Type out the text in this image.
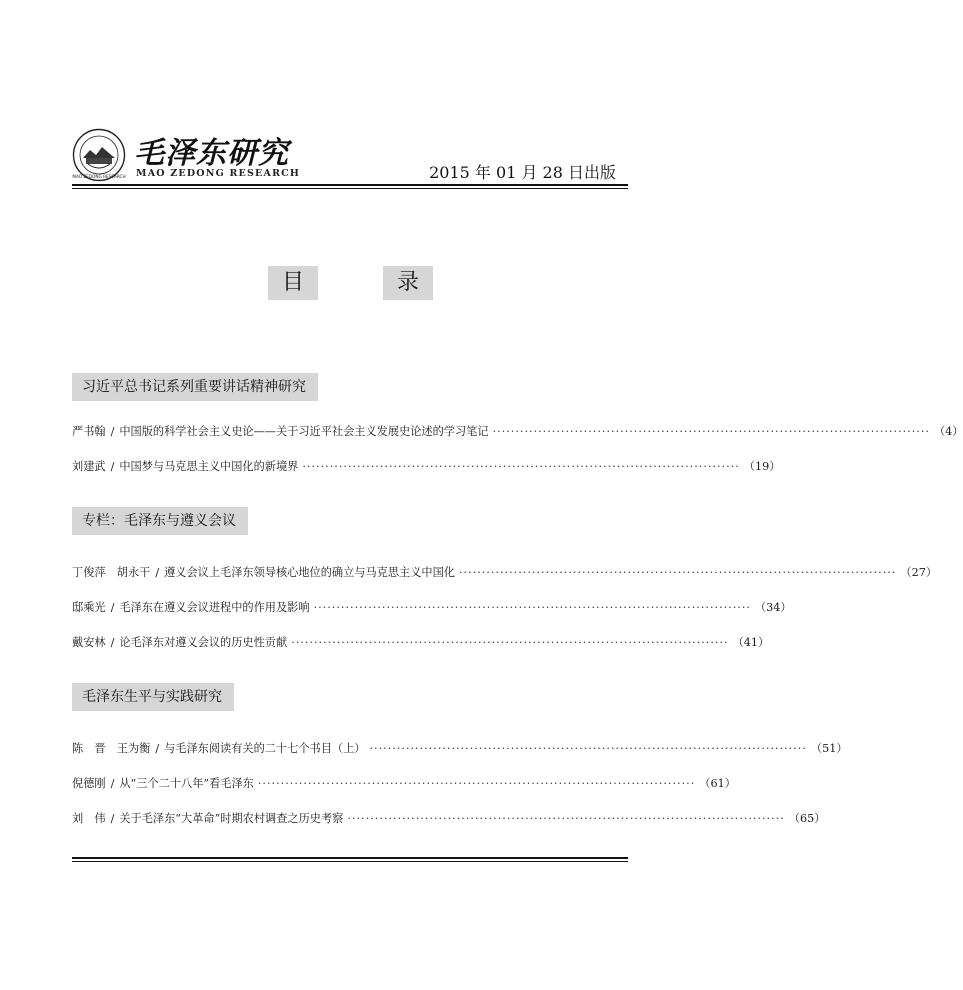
MAO ZEDONG RESEARCH
毛泽东研究
MAO ZEDONG RESEARCH	2015 年 01 月 28 日出版
目	录
习近平总书记系列重要讲话精神研究
严书翰 / 中国版的科学社会主义史论——关于习近平社会主义发展史论述的学习笔记 ································································································ （4）
刘建武 / 中国梦与马克思主义中国化的新境界 ································································································ （19）
专栏：毛泽东与遵义会议
丁俊萍　胡永干 / 遵义会议上毛泽东领导核心地位的确立与马克思主义中国化 ································································································ （27）
邸乘光 / 毛泽东在遵义会议进程中的作用及影响 ································································································ （34）
戴安林 / 论毛泽东对遵义会议的历史性贡献 ································································································ （41）
毛泽东生平与实践研究
陈　晋　王为衡 / 与毛泽东阅读有关的二十七个书目（上） ································································································ （51）
倪德刚 / 从“三个二十八年”看毛泽东 ································································································ （61）
刘　伟 / 关于毛泽东“大革命”时期农村调查之历史考察 ································································································ （65）
